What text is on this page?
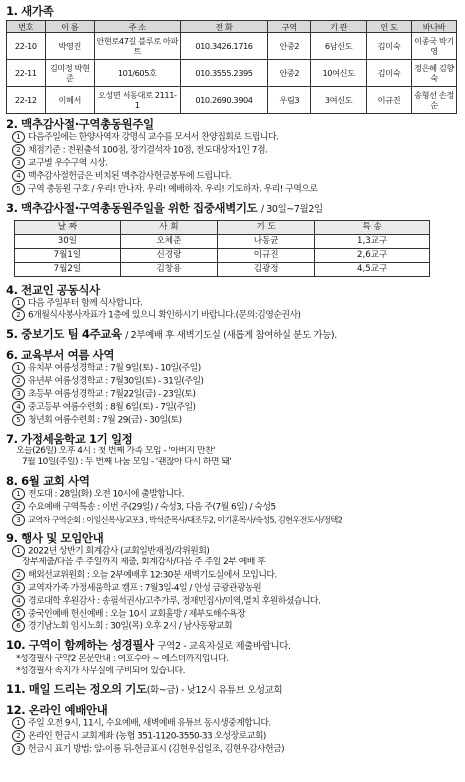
1. 새가족
번호	이 름	주 소	전 화	구역	기 관	인 도	바나바
22-10	박영진	안현로47길 블루로 아파트	010.3426.1716	안중2	6남신도	김미숙	이종국 박기영
22-11	김미정 박현준	101/605호	010.3555.2395	안중2	10여신도	김미숙	정은혜 김향숙
22-12	이혜서	오성면 서동대로 2111-1	010.2690.3904	우림3	3여신도	이규진	송형선 손정순
2. 맥추감사절·구역총동원주일
1 다음주일에는 한양사역자 강명식 교수를 모셔서 찬양집회로 드립니다.
2 채점기준 : 전원출석 100점, 장기결석자 10점, 전도대상자1인 7점.
3 교구별 우수구역 시상.
4 맥추감사절헌금은 비치된 맥추감사헌금봉투에 드립니다.
5 구역 총동원 구호 / 우리! 만나자. 우리! 예배하자. 우리! 기도하자. 우리! 구역으로
3. 맥추감사절·구역총동원주일을 위한 집중새벽기도 / 30일~7월2일
날 짜	사 회	기 도	특 송
30일	오체준	나동균	1,3교구
7월1일	신경랑	이규진	2,6교구
7월2일	김창용	김광정	4,5교구
4. 전교인 공동식사
1 다음 주일부터 함께 식사합니다.
2 6개월식사봉사자표가 1층에 있으니 확인하시기 바랍니다.(문의:김영순권사)
5. 중보기도 팀 4주교육 / 2부예배 후 새벽기도실 (새롭게 참여하실 분도 가능).
6. 교육부서 여름 사역
1 유치부 여름성경학교 : 7월 9일(토) - 10일(주일)
2 유년부 여름성경학교 : 7월30일(토) - 31일(주일)
3 초등부 여름성경학교 : 7월22일(금) - 23일(토)
4 중고등부 여름수련회 : 8월 6일(토) - 7일(주일)
5 청년회 여름수련회 : 7월 29(금) - 30일(토)
7. 가정세움학교 1기 일정
오늘(26일) 오후 4시 : 첫 번째 가족 모임 - '아버지 만찬'
7월 10일(주일) : 두 번째 나눔 모임 - '괜찮아 다시 하면 돼'
8. 6월 교회 사역
1 전도대 : 28일(화) 오전 10시에 출발합니다.
2 수요예배 구역특송 : 이번 주(29일) / 숙성3, 다음 주(7월 6일) / 숙성5
3 교역자 구역순회 : 이일신목사/교포3 , 박석준목사/대조두2, 이기훈목사/숙성5, 김현우전도사/정택2
9. 행사 및 모임안내
1 2022년 상반기 회계감사 (교회일반재정/각위원회)
장부제출/다음 주 주일까지 제출, 회계감사/다음 주 주일 2부 예배 후
2 해외선교위원회 : 오늘 2부예배후 12:30분 새벽기도실에서 모입니다.
3 교역자가족 가정세움학교 캠프 : 7월3일-4일 / 안성 금광관광농원
4 경로대학 후원감사 : 송필석권사/고추가루, 정재민집사/미역,멸치 후원하셨습니다.
5 중국인예배 헌신예배 : 오늘 10시 교회홀방 / 제부도해수욕장
6 경기남노회 임시노회 : 30일(목) 오후 2시 / 남사동왕교회
10. 구역이 함께하는 성경필사 구역2 - 교육자실로 제출바랍니다.
*성경필사 구약2 본문안내 : 여호수아 ~ 에스더까지입니다.
*성경필사 속지가 사무실에 구비되어 있습니다.
11. 매일 드리는 정오의 기도(화~금) - 낮12시 유튜브 오성교회
12. 온라인 예배안내
1 주일 오전 9시, 11시, 수요예배, 새벽예배 유튜브 동시생중계합니다.
2 온라인 헌금시 교회계좌 (농협 351-1120-3550-33 오성장로교회)
3 헌금시 표기 방법: 앞-이름 뒤-헌금표시 (김현우십일조, 김현우감사헌금)
